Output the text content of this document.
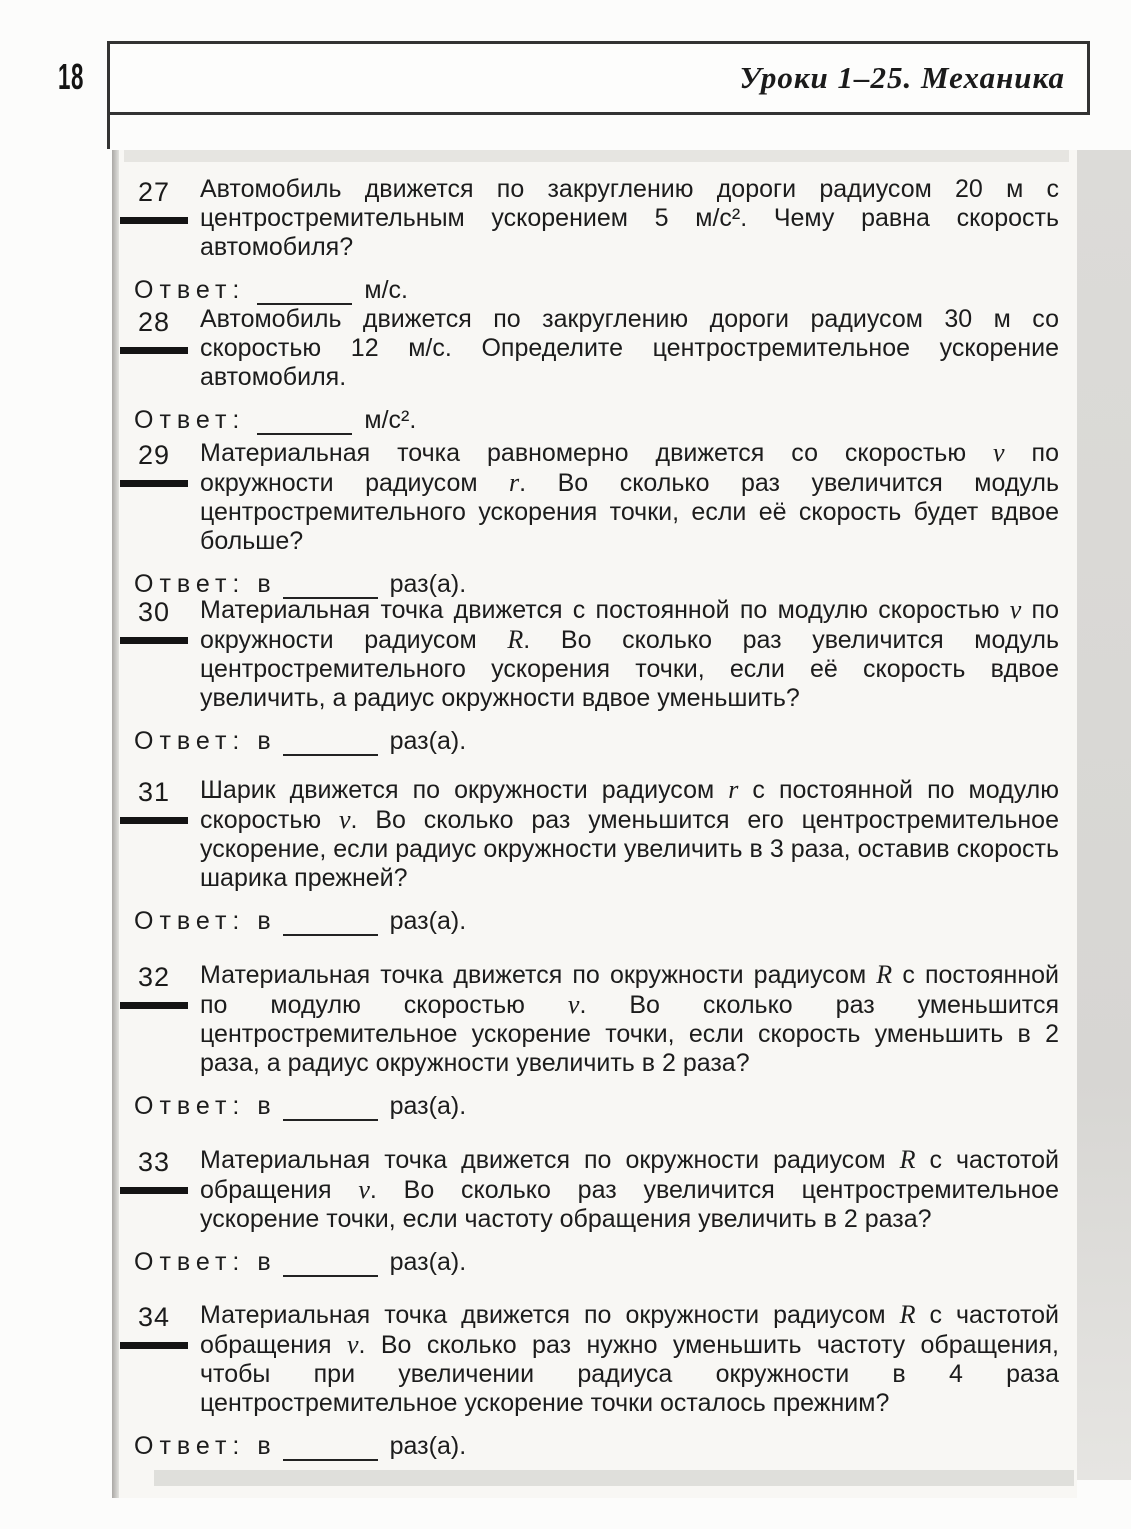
18	Уроки 1–25. Механика
27	Автомобиль движется по закруглению дороги радиусом 20 м с центростремительным ускорением 5 м/с². Чему равна скорость автомобиля?

Ответ:	м/с.
28	Автомобиль движется по закруглению дороги радиусом 30 м со скоростью 12 м/с. Определите центростремительное ускорение автомобиля.

Ответ:	м/с².
29	Материальная точка равномерно движется со скоростью v по окружности радиусом r. Во сколько раз увеличится модуль центростремительного ускорения точки, если её скорость будет вдвое больше?

Ответ: в	раз(а).
30	Материальная точка движется с постоянной по модулю скоростью v по окружности радиусом R. Во сколько раз увеличится модуль центростремительного ускорения точки, если её скорость вдвое увеличить, а радиус окружности вдвое уменьшить?

Ответ: в	раз(а).
31	Шарик движется по окружности радиусом r с постоянной по модулю скоростью v. Во сколько раз уменьшится его центростремительное ускорение, если радиус окружности увеличить в 3 раза, оставив скорость шарика прежней?

Ответ: в	раз(а).
32	Материальная точка движется по окружности радиусом R с постоянной по модулю скоростью v. Во сколько раз уменьшится центростремительное ускорение точки, если скорость уменьшить в 2 раза, а радиус окружности увеличить в 2 раза?

Ответ: в	раз(а).
33	Материальная точка движется по окружности радиусом R с частотой обращения ν. Во сколько раз увеличится центростремительное ускорение точки, если частоту обращения увеличить в 2 раза?

Ответ: в	раз(а).
34	Материальная точка движется по окружности радиусом R с частотой обращения ν. Во сколько раз нужно уменьшить частоту обращения, чтобы при увеличении радиуса окружности в 4 раза центростремительное ускорение точки осталось прежним?

Ответ: в	раз(а).
